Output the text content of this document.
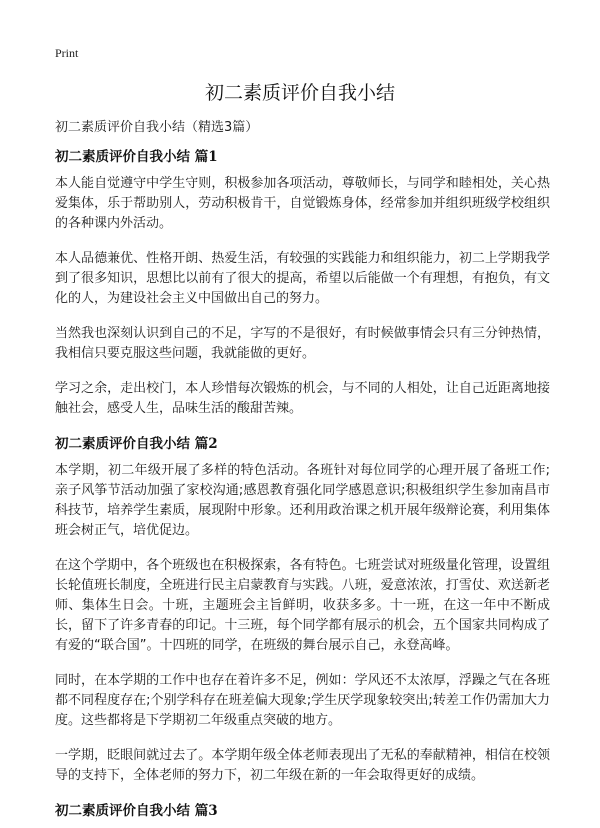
Print
初二素质评价自我小结

初二素质评价自我小结（精选3篇）

初二素质评价自我小结 篇1

本人能自觉遵守中学生守则，积极参加各项活动，尊敬师长，与同学和睦相处，关心热爱集体，乐于帮助别人，劳动积极肯干，自觉锻炼身体，经常参加并组织班级学校组织的各种课内外活动。

本人品德兼优、性格开朗、热爱生活，有较强的实践能力和组织能力，初二上学期我学到了很多知识，思想比以前有了很大的提高，希望以后能做一个有理想，有抱负，有文化的人，为建设社会主义中国做出自己的努力。

当然我也深刻认识到自己的不足，字写的不是很好，有时候做事情会只有三分钟热情，我相信只要克服这些问题，我就能做的更好。

学习之余，走出校门，本人珍惜每次锻炼的机会，与不同的人相处，让自己近距离地接触社会，感受人生，品味生活的酸甜苦辣。

初二素质评价自我小结 篇2

本学期，初二年级开展了多样的特色活动。各班针对每位同学的心理开展了备班工作;亲子风筝节活动加强了家校沟通;感恩教育强化同学感恩意识;积极组织学生参加南昌市科技节，培养学生素质，展现附中形象。还利用政治课之机开展年级辩论赛，利用集体班会树正气，培优促边。

在这个学期中，各个班级也在积极探索，各有特色。七班尝试对班级量化管理，设置组长轮值班长制度，全班进行民主启蒙教育与实践。八班，爱意浓浓，打雪仗、欢送新老师、集体生日会。十班，主题班会主旨鲜明，收获多多。十一班，在这一年中不断成长，留下了许多青春的印记。十三班，每个同学都有展示的机会，五个国家共同构成了有爱的“联合国”。十四班的同学，在班级的舞台展示自己，永登高峰。

同时，在本学期的工作中也存在着许多不足，例如：学风还不太浓厚，浮躁之气在各班都不同程度存在;个别学科存在班差偏大现象;学生厌学现象较突出;转差工作仍需加大力度。这些都将是下学期初二年级重点突破的地方。

一学期，眨眼间就过去了。本学期年级全体老师表现出了无私的奉献精神，相信在校领导的支持下，全体老师的努力下，初二年级在新的一年会取得更好的成绩。

初二素质评价自我小结 篇3
